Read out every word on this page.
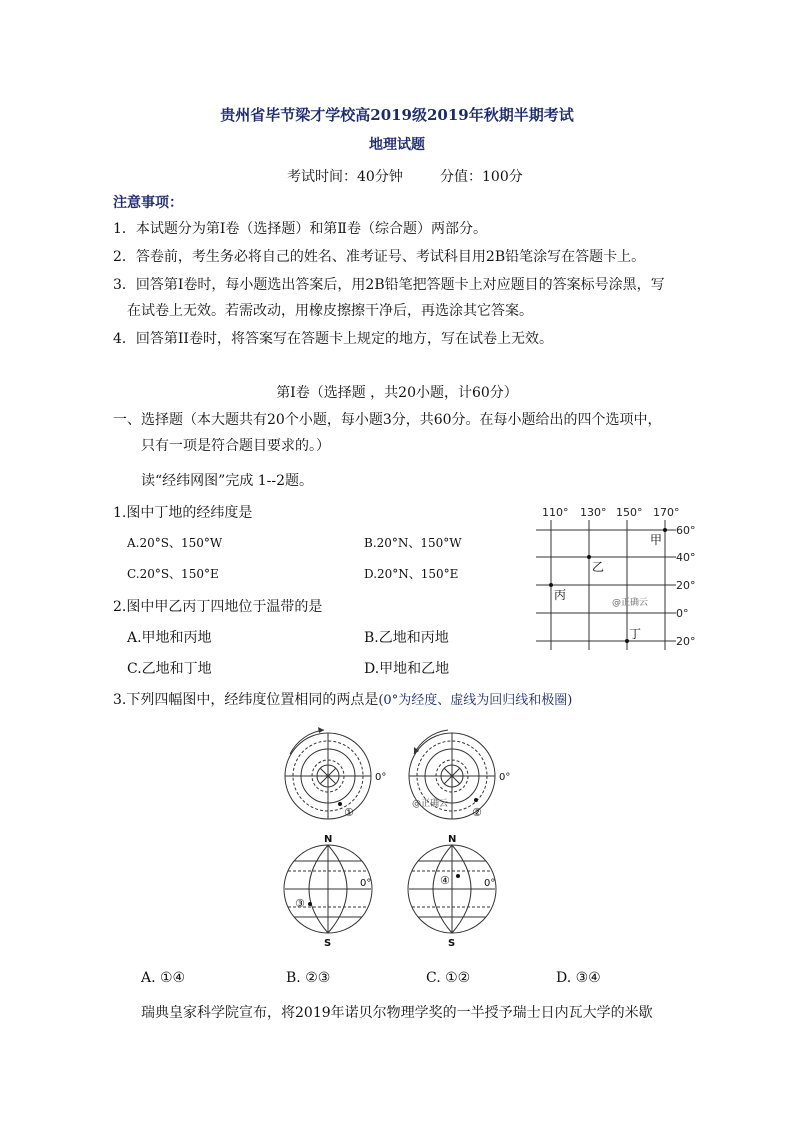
贵州省毕节梁才学校高2019级2019年秋期半期考试
地理试题
考试时间：40分钟	分值：100分
注意事项：
1．本试题分为第Ⅰ卷（选择题）和第Ⅱ卷（综合题）两部分。
2．答卷前，考生务必将自己的姓名、准考证号、考试科目用2B铅笔涂写在答题卡上。
3．回答第Ⅰ卷时，每小题选出答案后，用2B铅笔把答题卡上对应题目的答案标号涂黑，写
在试卷上无效。若需改动，用橡皮擦擦干净后，再选涂其它答案。
4．回答第II卷时，将答案写在答题卡上规定的地方，写在试卷上无效。
第Ⅰ卷（选择题 ，共20小题，计60分）
一、选择题（本大题共有20个小题，每小题3分，共60分。在每小题给出的四个选项中，
只有一项是符合题目要求的。）
读“经纬网图”完成 1--2题。
1.图中丁地的经纬度是
A.20°S、150°W	B.20°N、150°W
C.20°S、150°E	D.20°N、150°E
2.图中甲乙丙丁四地位于温带的是
A.甲地和丙地	B.乙地和丙地
C.乙地和丁地	D.甲地和乙地
3.下列四幅图中，经纬度位置相同的两点是(0°为经度、虚线为回归线和极圈)
110° 130° 150° 170°
60°
40°
20°
0°
20°
甲
乙
丙
丁
@正确云
0°
①
0°
②
@正确云
N
0°
③
S
N
0°
④
S
A. ①④	B. ②③	C. ①②	D. ③④
瑞典皇家科学院宣布，将2019年诺贝尔物理学奖的一半授予瑞士日内瓦大学的米歇
